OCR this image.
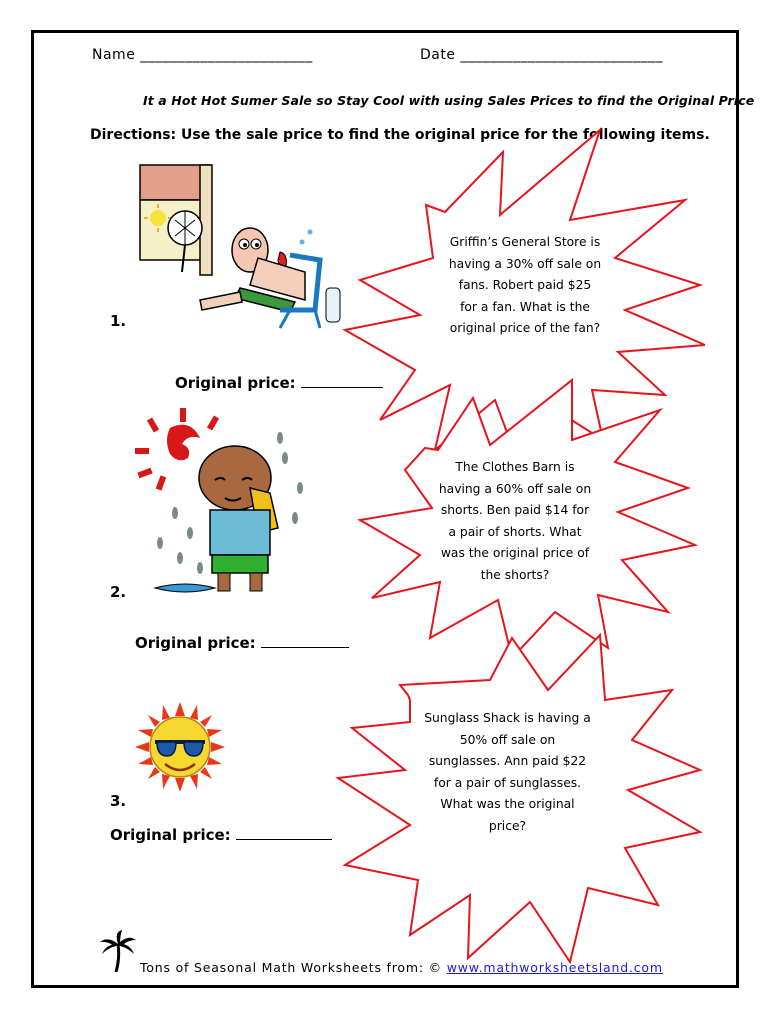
Name _______________________	Date ___________________________
It a Hot Hot Sumer Sale so Stay Cool with using Sales Prices to find the Original Price
Directions: Use the sale price to find the original price for the following items.
Griffin’s General Store is
having a 30% off sale on
fans. Robert paid $25
for a fan. What is the
original price of the fan?
1.
Original price:
The Clothes Barn is
having a 60% off sale on
shorts. Ben paid $14 for
a pair of shorts. What
was the original price of
the shorts?
2.
Original price:
Sunglass Shack is having a
50% off sale on
sunglasses. Ann paid $22
for a pair of sunglasses.
What was the original
price?
3.
Original price:
Tons of Seasonal Math Worksheets from: © www.mathworksheetsland.com
